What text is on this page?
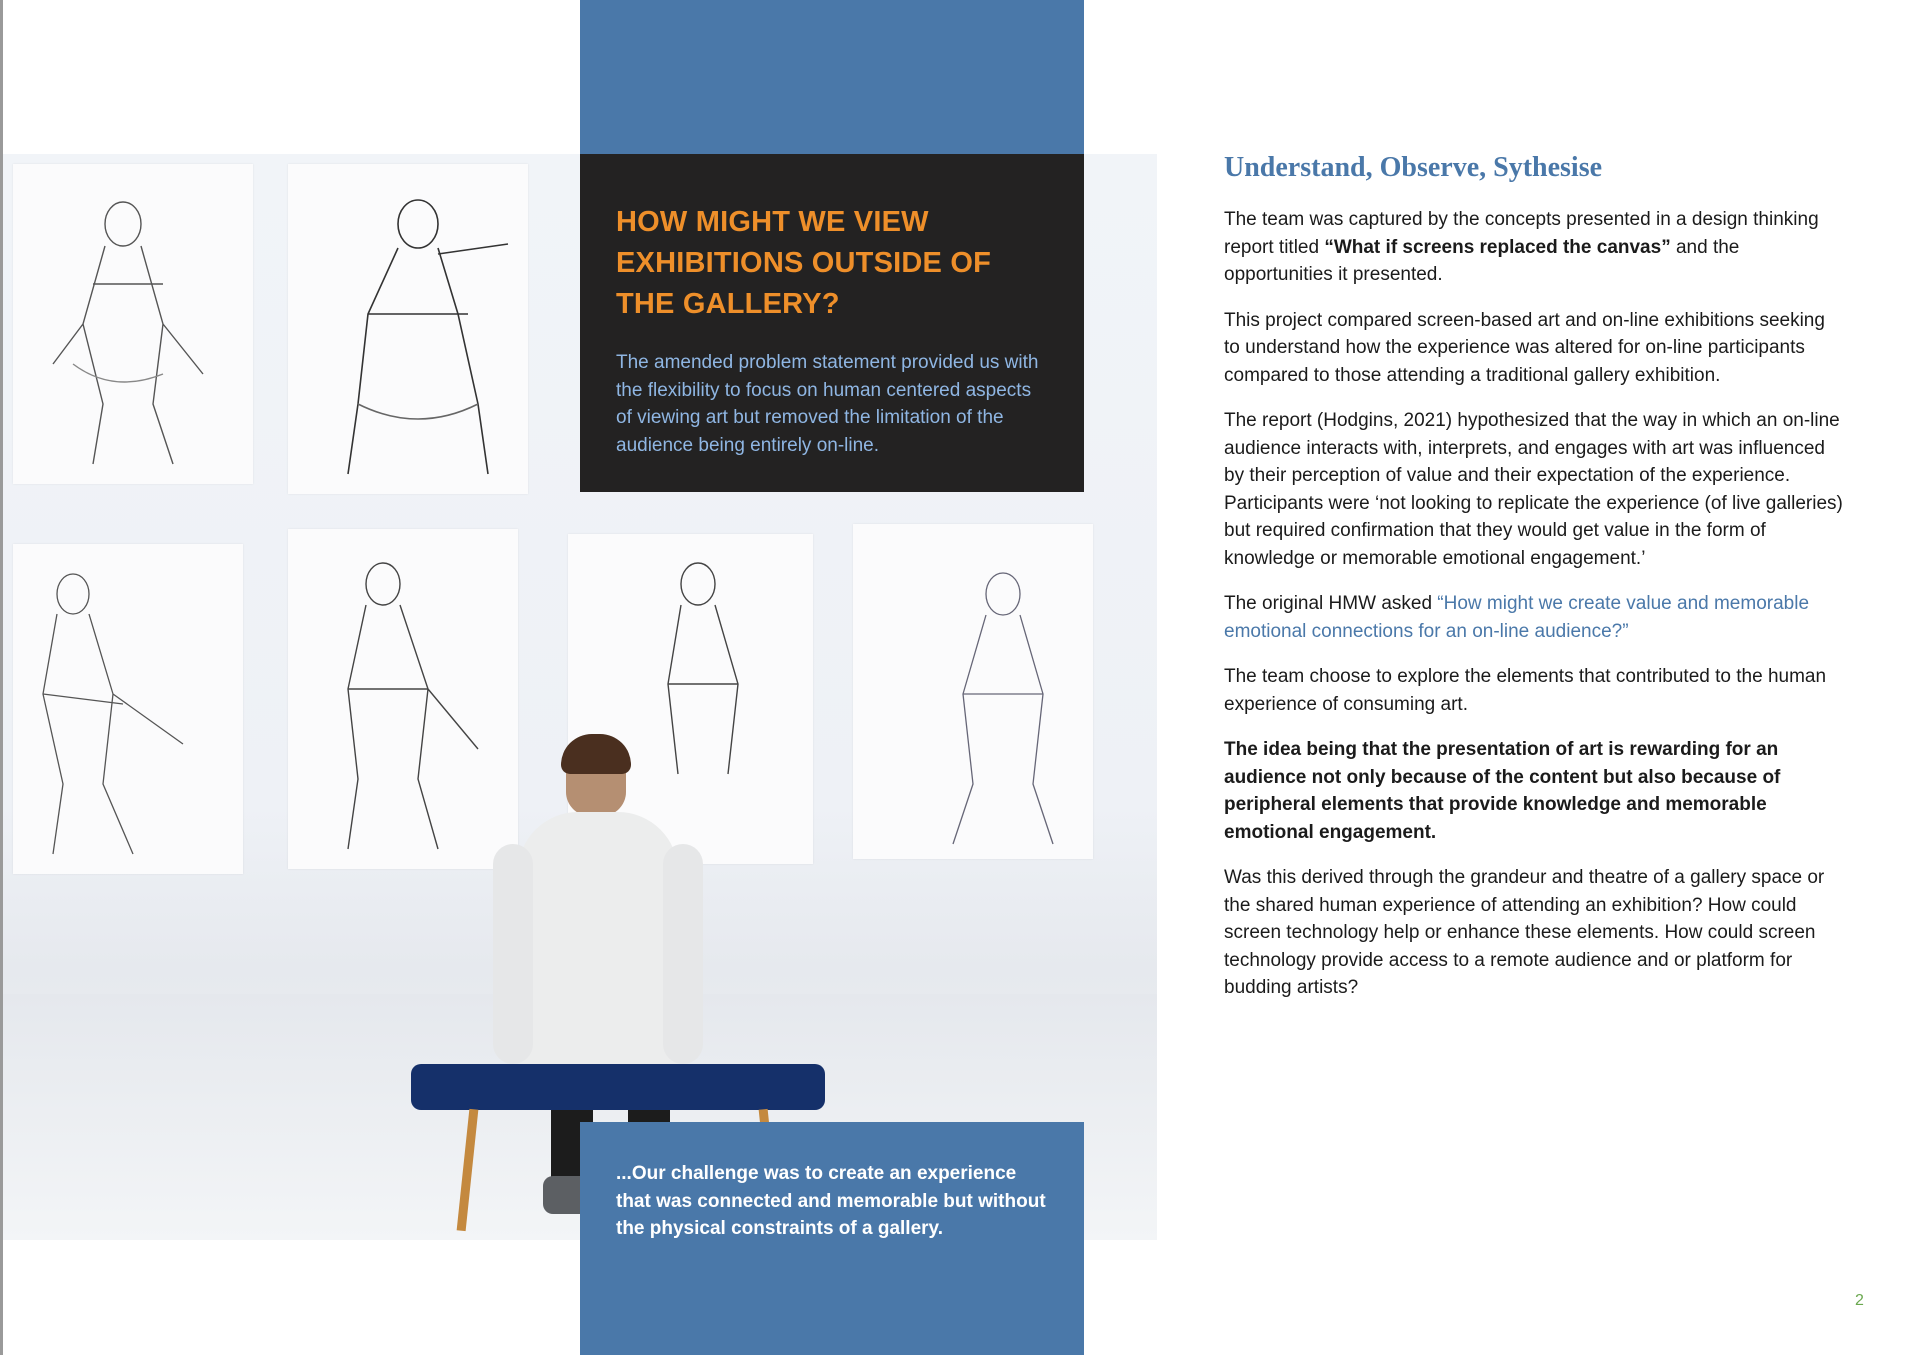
HOW MIGHT WE VIEW EXHIBITIONS OUTSIDE OF THE GALLERY?

The amended problem statement provided us with the flexibility to focus on human centered aspects of viewing art but removed the limitation of the audience being entirely on-line.

...Our challenge was to create an experience that was connected and memorable but without the physical constraints of a gallery.

Understand, Observe, Sythesise

The team was captured by the concepts presented in a design thinking report titled “What if screens replaced the canvas” and the opportunities it presented.

This project compared screen-based art and on-line exhibitions seeking to understand how the experience was altered for on-line participants compared to those attending a traditional gallery exhibition.

The report (Hodgins, 2021) hypothesized that the way in which an on-line audience interacts with, interprets, and engages with art was influenced by their perception of value and their expectation of the experience. Participants were ‘not looking to replicate the experience (of live galleries) but required confirmation that they would get value in the form of knowledge or memorable emotional engagement.’

The original HMW asked “How might we create value and memorable emotional connections for an on-line audience?”

The team choose to explore the elements that contributed to the human experience of consuming art.

The idea being that the presentation of art is rewarding for an audience not only because of the content but also because of peripheral elements that provide knowledge and memorable emotional engagement.

Was this derived through the grandeur and theatre of a gallery space or the shared human experience of attending an exhibition? How could screen technology help or enhance these elements. How could screen technology provide access to a remote audience and or platform for budding artists?

2
